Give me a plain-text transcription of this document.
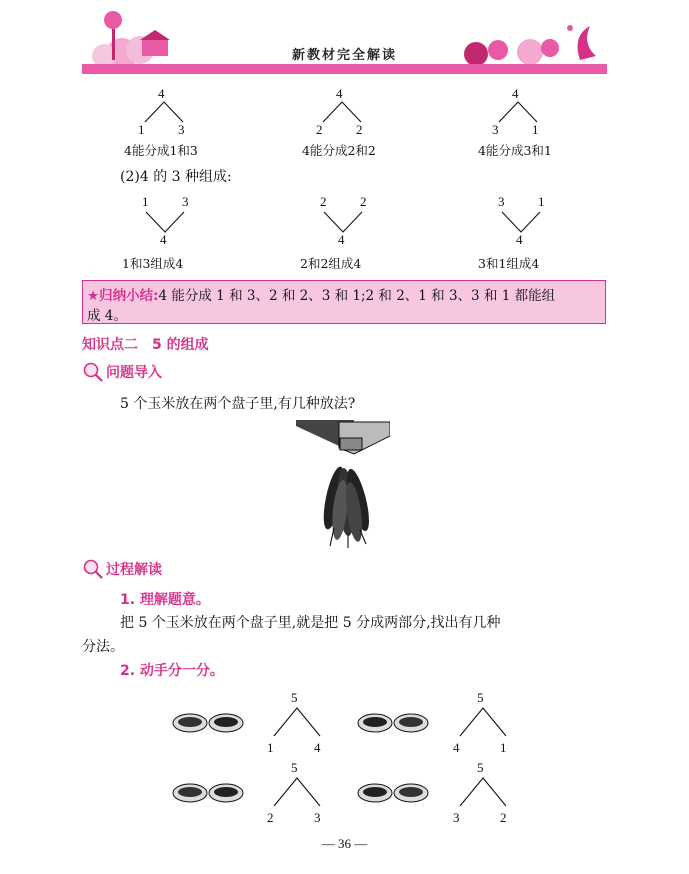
新教材完全解读
4
1	3
4能分成1和3
4
2	2
4能分成2和2
4
3	1
4能分成3和1
(2)4 的 3 种组成:
1	3
4
1和3组成4
2	2
4
2和2组成4
3	1
4
3和1组成4
★归纳小结:4 能分成 1 和 3、2 和 2、3 和 1;2 和 2、1 和 3、3 和 1 都能组
成 4。
知识点二　5 的组成
问题导入
5 个玉米放在两个盘子里,有几种放法?
过程解读
1. 理解题意。
把 5 个玉米放在两个盘子里,就是把 5 分成两部分,找出有几种
分法。
2. 动手分一分。
5
1	4
5
4	1
5
2	3
5
3	2
— 36 —
